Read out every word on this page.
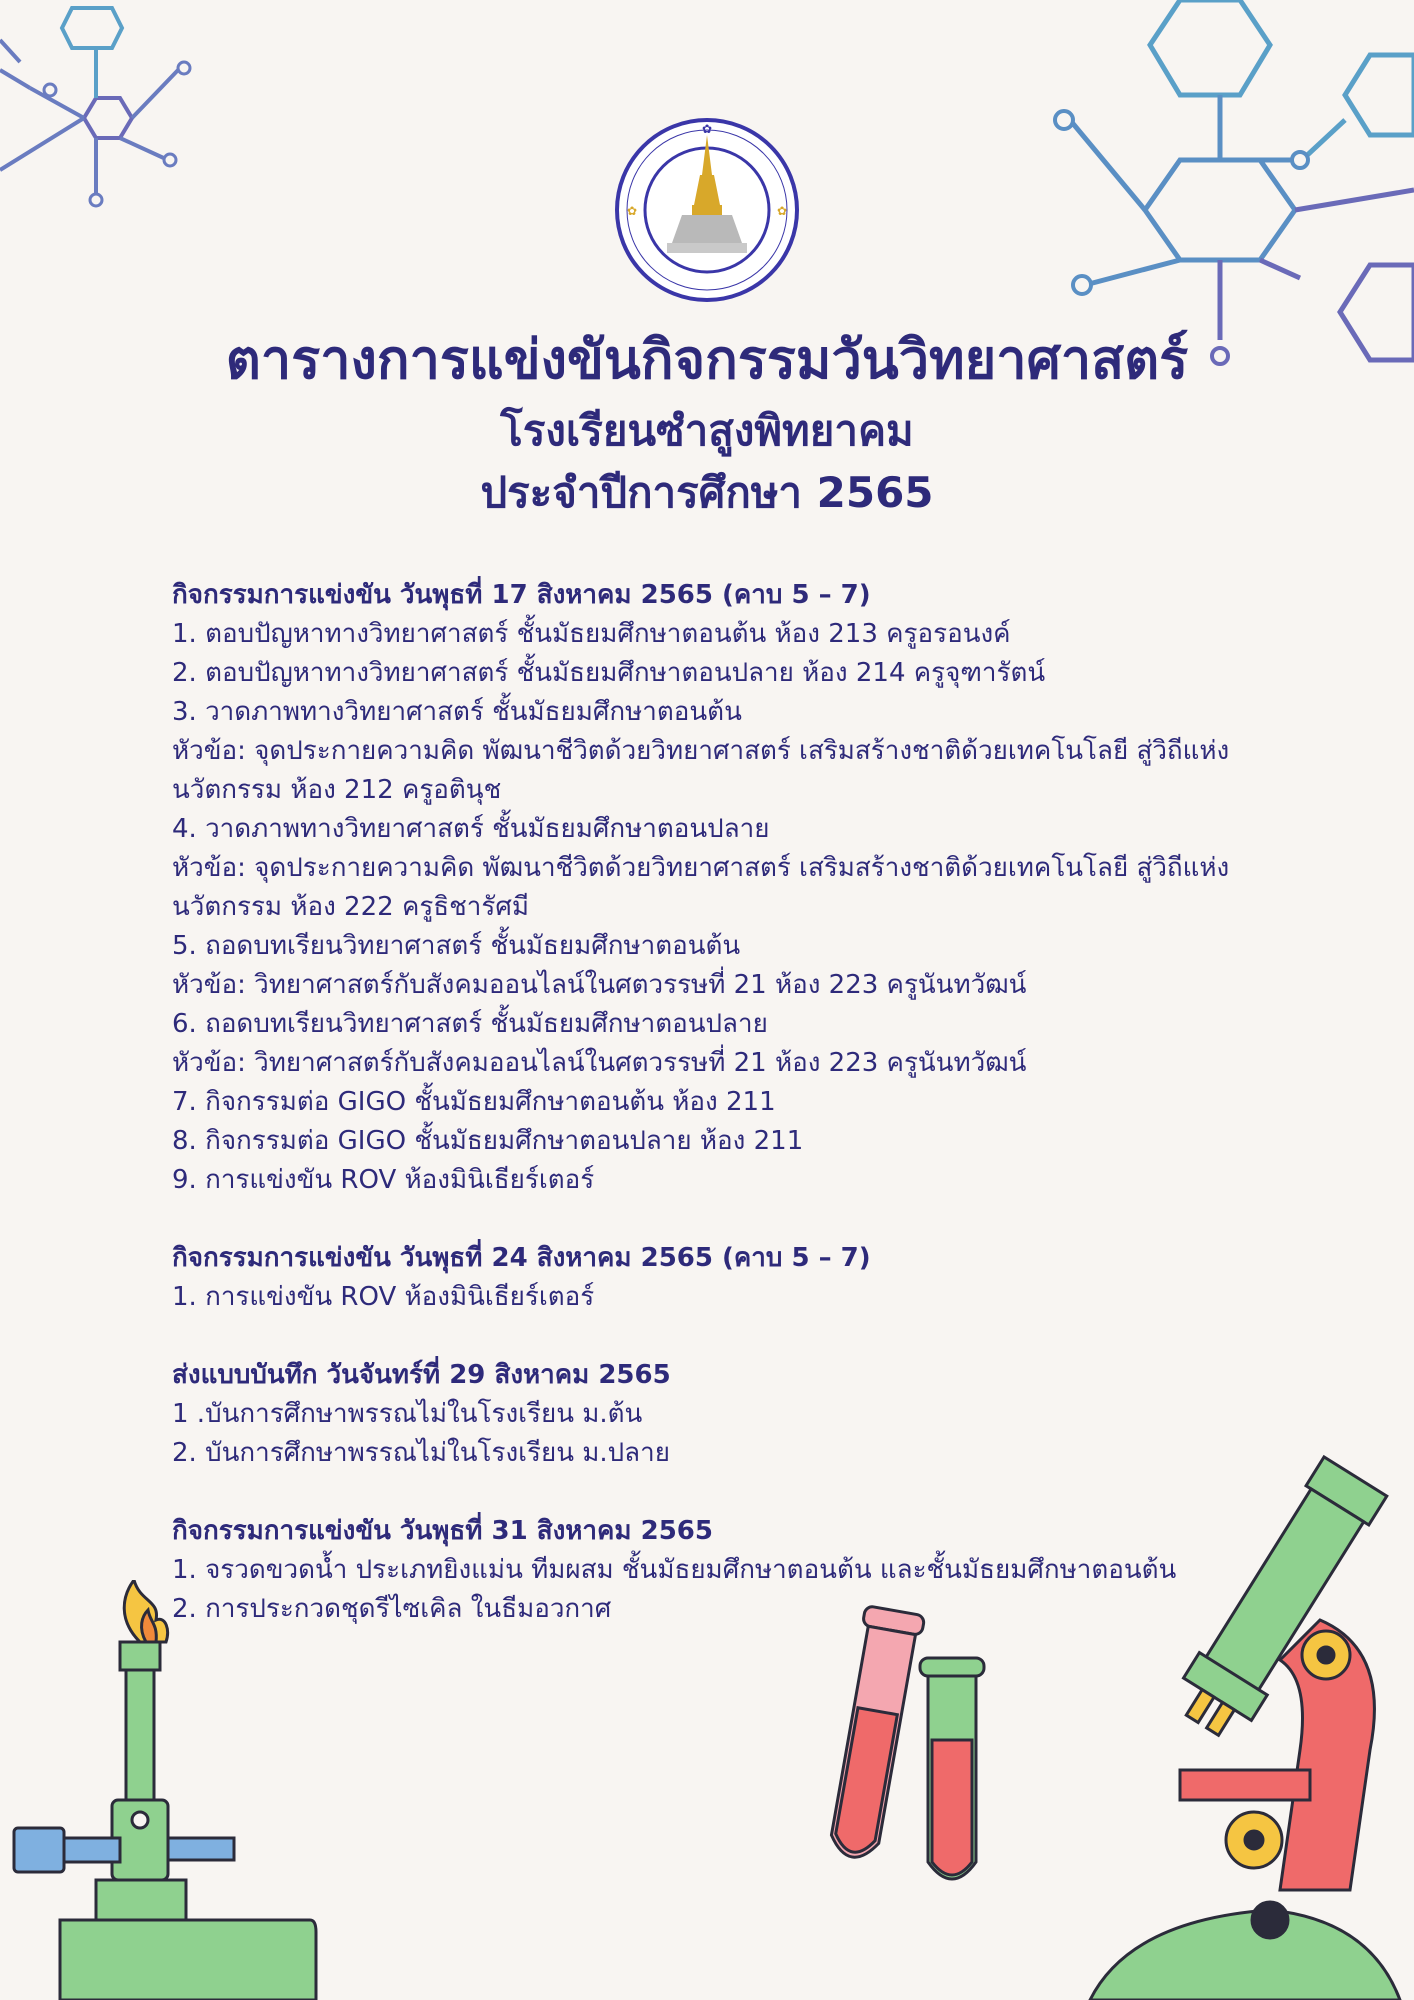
✿
✿	✿
ตารางการแข่งขันกิจกรรมวันวิทยาศาสตร์
โรงเรียนซำสูงพิทยาคม
ประจำปีการศึกษา 2565
กิจกรรมการแข่งขัน วันพุธที่ 17 สิงหาคม 2565 (คาบ 5 – 7)
1. ตอบปัญหาทางวิทยาศาสตร์ ชั้นมัธยมศึกษาตอนต้น ห้อง 213 ครูอรอนงค์
2. ตอบปัญหาทางวิทยาศาสตร์ ชั้นมัธยมศึกษาตอนปลาย ห้อง 214 ครูจุฑารัตน์
3. วาดภาพทางวิทยาศาสตร์ ชั้นมัธยมศึกษาตอนต้น
หัวข้อ: จุดประกายความคิด พัฒนาชีวิตด้วยวิทยาศาสตร์ เสริมสร้างชาติด้วยเทคโนโลยี สู่วิถีแห่งนวัตกรรม ห้อง 212 ครูอตินุช
4. วาดภาพทางวิทยาศาสตร์ ชั้นมัธยมศึกษาตอนปลาย
หัวข้อ: จุดประกายความคิด พัฒนาชีวิตด้วยวิทยาศาสตร์ เสริมสร้างชาติด้วยเทคโนโลยี สู่วิถีแห่งนวัตกรรม ห้อง 222 ครูธิชารัศมี
5. ถอดบทเรียนวิทยาศาสตร์ ชั้นมัธยมศึกษาตอนต้น
หัวข้อ: วิทยาศาสตร์กับสังคมออนไลน์ในศตวรรษที่ 21 ห้อง 223 ครูนันทวัฒน์
6. ถอดบทเรียนวิทยาศาสตร์ ชั้นมัธยมศึกษาตอนปลาย
หัวข้อ: วิทยาศาสตร์กับสังคมออนไลน์ในศตวรรษที่ 21 ห้อง 223 ครูนันทวัฒน์
7. กิจกรรมต่อ GIGO ชั้นมัธยมศึกษาตอนต้น ห้อง 211
8. กิจกรรมต่อ GIGO ชั้นมัธยมศึกษาตอนปลาย ห้อง 211
9. การแข่งขัน ROV ห้องมินิเธียร์เตอร์
กิจกรรมการแข่งขัน วันพุธที่ 24 สิงหาคม 2565 (คาบ 5 – 7)
1. การแข่งขัน ROV ห้องมินิเธียร์เตอร์
ส่งแบบบันทึก วันจันทร์ที่ 29 สิงหาคม 2565
1 .บันการศึกษาพรรณไม่ในโรงเรียน ม.ต้น
2. บันการศึกษาพรรณไม่ในโรงเรียน ม.ปลาย
กิจกรรมการแข่งขัน วันพุธที่ 31 สิงหาคม 2565
1. จรวดขวดน้ำ ประเภทยิงแม่น ทีมผสม ชั้นมัธยมศึกษาตอนต้น และชั้นมัธยมศึกษาตอนต้น
2. การประกวดชุดรีไซเคิล ในธีมอวกาศ
